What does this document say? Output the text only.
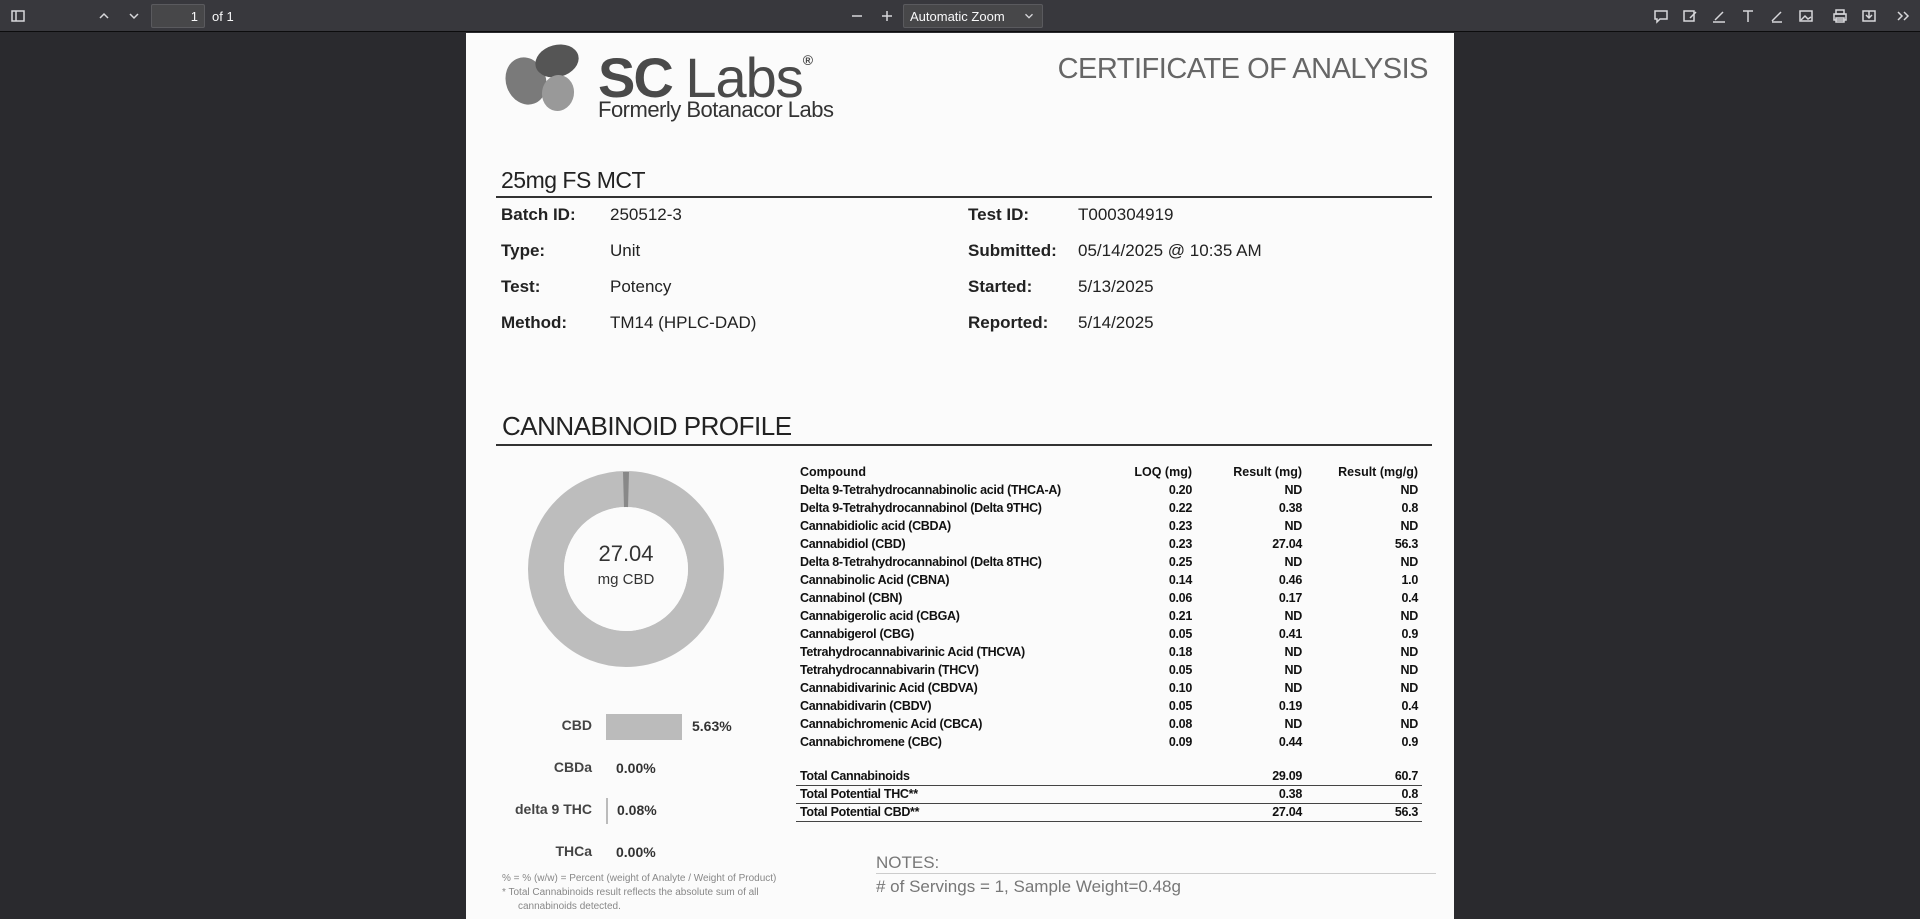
1
of 1	Automatic Zoom
SC Labs®
Formerly Botanacor Labs
CERTIFICATE OF ANALYSIS
25mg FS MCT
Batch ID: 250512-3
Type:	Unit
Test:	Potency
Method:	TM14 (HPLC-DAD)
Test ID:	T000304919
Submitted: 05/14/2025 @ 10:35 AM
Started:	5/13/2025
Reported: 5/14/2025
CANNABINOID PROFILE
27.04
mg CBD
CBD	5.63%
CBDa 0.00%
delta 9 THC 0.08%
THCa 0.00%
Compound	LOQ (mg)	Result (mg)	Result (mg/g)
Delta 9-Tetrahydrocannabinolic acid (THCA-A)	0.20	ND	ND
Delta 9-Tetrahydrocannabinol (Delta 9THC)	0.22	0.38	0.8
Cannabidiolic acid (CBDA)	0.23	ND	ND
Cannabidiol (CBD)	0.23	27.04	56.3
Delta 8-Tetrahydrocannabinol (Delta 8THC)	0.25	ND	ND
Cannabinolic Acid (CBNA)	0.14	0.46	1.0
Cannabinol (CBN)	0.06	0.17	0.4
Cannabigerolic acid (CBGA)	0.21	ND	ND
Cannabigerol (CBG)	0.05	0.41	0.9
Tetrahydrocannabivarinic Acid (THCVA)	0.18	ND	ND
Tetrahydrocannabivarin (THCV)	0.05	ND	ND
Cannabidivarinic Acid (CBDVA)	0.10	ND	ND
Cannabidivarin (CBDV)	0.05	0.19	0.4
Cannabichromenic Acid (CBCA)	0.08	ND	ND
Cannabichromene (CBC)	0.09	0.44	0.9

Total Cannabinoids		29.09	60.7
Total Potential THC**		0.38	0.8
Total Potential CBD**		27.04	56.3
NOTES:
# of Servings = 1, Sample Weight=0.48g
% = % (w/w) = Percent (weight of Analyte / Weight of Product)
* Total Cannabinoids result reflects the absolute sum of all
cannabinoids detected.
